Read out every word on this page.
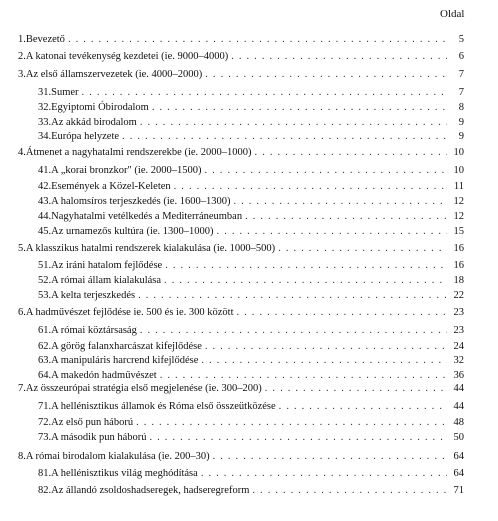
Oldal
1. Bevezető . . .	5
2. A katonai tevékenység kezdetei (ie. 9000–4000) . . .	6
3. Az első államszervezetek (ie. 4000–2000) . . .	7
31. Sumer . . .	7
32. Egyiptomi Óbirodalom . . .	8
33. Az akkád birodalom . . .	9
34. Európa helyzete . . .	9
4. Átmenet a nagyhatalmi rendszerekbe (ie. 2000–1000) . . .	10
41. A „korai bronzkor" (ie. 2000–1500) . . .	10
42. Események a Közel-Keleten . . .	11
43. A halomsíros terjeszkedés (ie. 1600–1300) . . .	12
44. Nagyhatalmi vetélkedés a Mediterráneumban . . .	12
45. Az urnamezős kultúra (ie. 1300–1000) . . .	15
5. A klasszikus hatalmi rendszerek kialakulása (ie. 1000–500) . . .	16
51. Az iráni hatalom fejlődése . . .	16
52. A római állam kialakulása . . .	18
53. A kelta terjeszkedés . . .	22
6. A hadművészet fejlődése ie. 500 és ie. 300 között . . .	23
61. A római köztársaság . . .	23
62. A görög falanxharcászat kifejlődése . . .	24
63. A manipuláris harcrend kifejlődése . . .	32
64. A makedón hadművészet . . .	36
7. Az összeurópai stratégia első megjelenése (ie. 300–200) . . .	44
71. A hellénisztikus államok és Róma első összeütközése . . .	44
72. Az első pun háború . . .	48
73. A második pun háború . . .	50
8. A római birodalom kialakulása (ie. 200–30) . . .	64
81. A hellénisztikus világ meghódítása . . .	64
82. Az állandó zsoldoshadseregek, hadseregreform . . .	71
